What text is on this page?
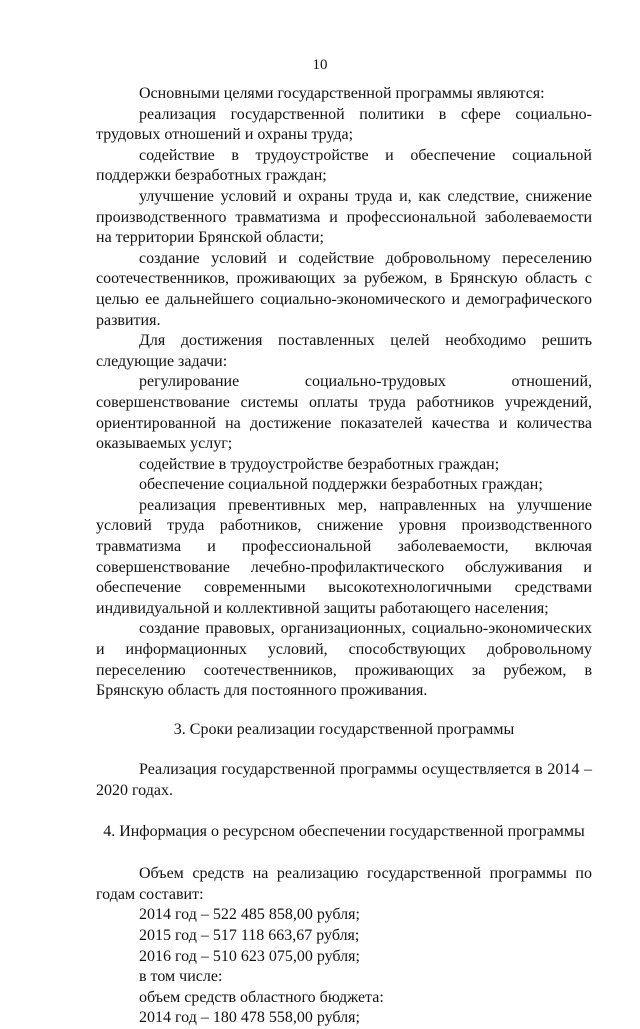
10

Основными целями государственной программы являются:

реализация государственной политики в сфере социально-трудовых отношений и охраны труда;

содействие в трудоустройстве и обеспечение социальной поддержки безработных граждан;

улучшение условий и охраны труда и, как следствие, снижение производственного травматизма и профессиональной заболеваемости на территории Брянской области;

создание условий и содействие добровольному переселению соотечественников, проживающих за рубежом, в Брянскую область с целью ее дальнейшего социально-экономического и демографического развития.

Для достижения поставленных целей необходимо решить следующие задачи:

регулирование социально-трудовых отношений, совершенствование системы оплаты труда работников учреждений, ориентированной на достижение показателей качества и количества оказываемых услуг;

содействие в трудоустройстве безработных граждан;

обеспечение социальной поддержки безработных граждан;

реализация превентивных мер, направленных на улучшение условий труда работников, снижение уровня производственного травматизма и профессиональной заболеваемости, включая совершенствование лечебно-профилактического обслуживания и обеспечение современными высокотехнологичными средствами индивидуальной и коллективной защиты работающего населения;

создание правовых, организационных, социально-экономических и информационных условий, способствующих добровольному переселению соотечественников, проживающих за рубежом, в Брянскую область для постоянного проживания.

3. Сроки реализации государственной программы

Реализация государственной программы осуществляется в 2014 – 2020 годах.

4. Информация о ресурсном обеспечении государственной программы

Объем средств на реализацию государственной программы по годам составит:

2014 год – 522 485 858,00 рубля;

2015 год – 517 118 663,67 рубля;

2016 год – 510 623 075,00 рубля;

в том числе:

объем средств областного бюджета:

2014 год – 180 478 558,00 рубля;
